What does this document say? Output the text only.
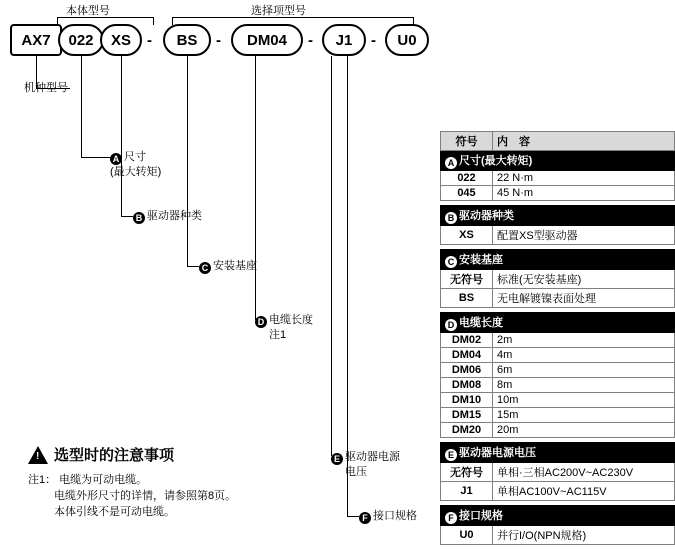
本体型号	选择项型号
AX7	022	XS	-	BS	-	DM04	-	J1	-	U0
机种型号
A 尺寸
(最大转矩)
B 驱动器种类
C 安装基座
D 电缆长度
注1
E 驱动器电源
电压
F 接口规格
! 选型时的注意事项
注1： 电缆为可动电缆。
电缆外形尺寸的详情，请参照第8页。
本体引线不是可动电缆。
符号	内　容
A 尺寸(最大转矩)	
022	22 N·m
045	45 N·m

B 驱动器种类	
XS	配置XS型驱动器

C 安装基座	
无符号	标准(无安装基座)
BS	无电解镀镍表面处理

D 电缆长度	
DM02	2m
DM04	4m
DM06	6m
DM08	8m
DM10	10m
DM15	15m
DM20	20m

E 驱动器电源电压	
无符号	单相·三相AC200V~AC230V
J1	单相AC100V~AC115V

F 接口规格	
U0	并行I/O(NPN规格)
